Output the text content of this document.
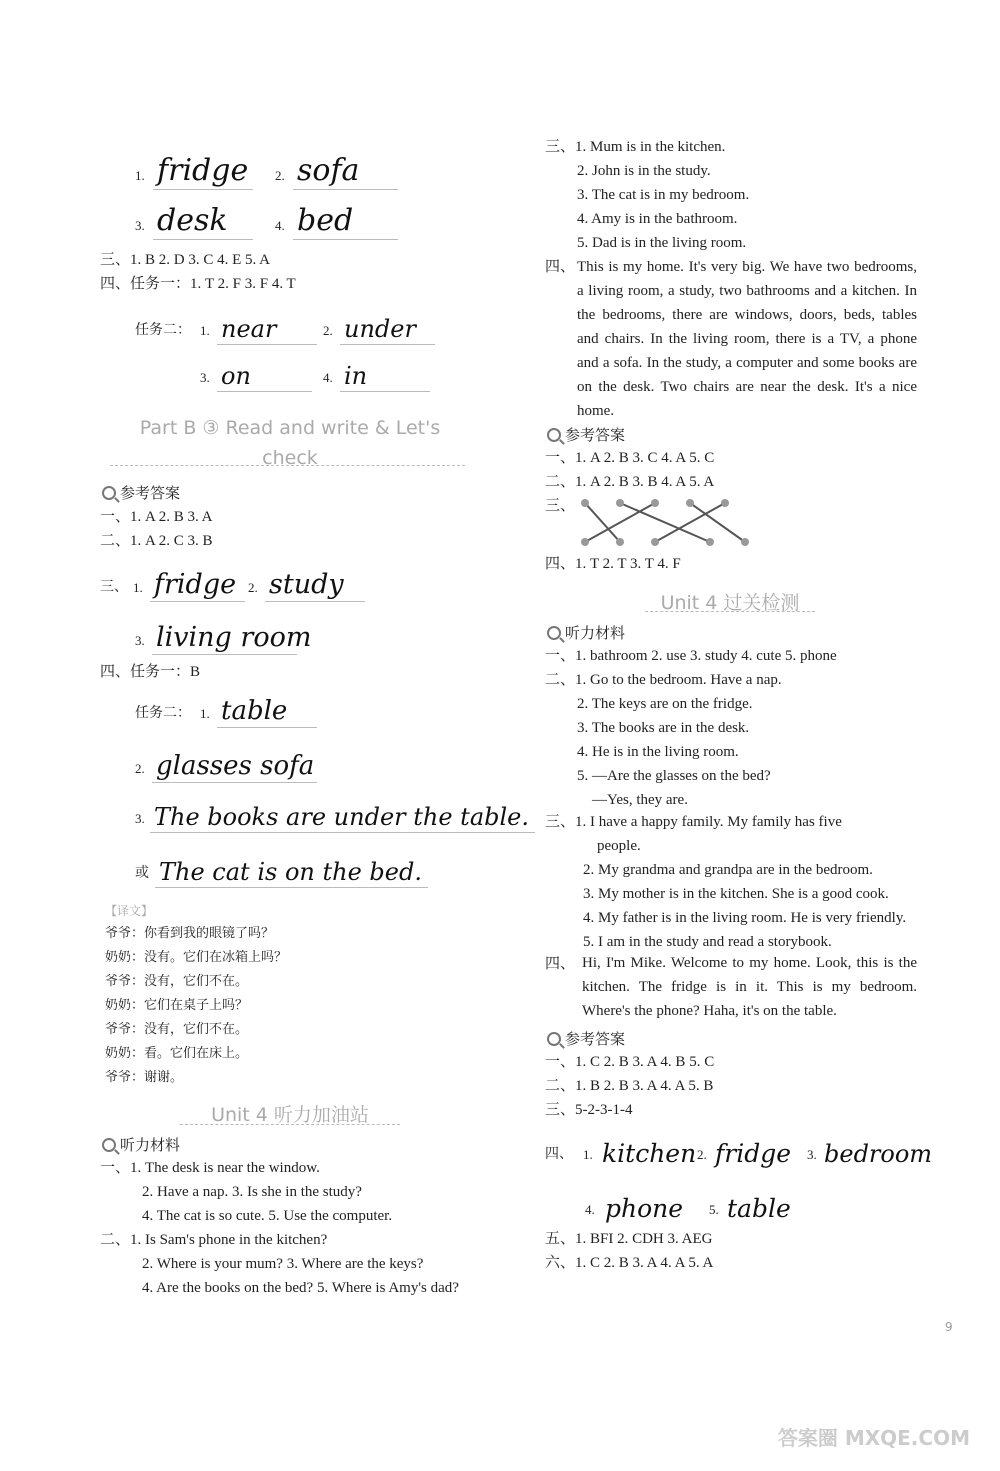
1. fridge	2. sofa
3. desk	4. bed
三、1. B 2. D 3. C 4. E 5. A
四、任务一：1. T 2. F 3. F 4. T
任务二： 1. near	2. under
3. on	4. in
Part B ③ Read and write & Let's
check
参考答案
一、1. A 2. B 3. A
二、1. A 2. C 3. B
三、 1. fridge 2. study
3. living room
四、任务一：B
任务二： 1. table
2. glasses sofa
3. The books are under the table.
或 The cat is on the bed.
【译文】
爷爷：你看到我的眼镜了吗？
奶奶：没有。它们在冰箱上吗？
爷爷：没有，它们不在。
奶奶：它们在桌子上吗？
爷爷：没有，它们不在。
奶奶：看。它们在床上。
爷爷：谢谢。
Unit 4 听力加油站
听力材料
一、1. The desk is near the window.
2. Have a nap. 3. Is she in the study?
4. The cat is so cute. 5. Use the computer.
二、1. Is Sam's phone in the kitchen?
2. Where is your mum? 3. Where are the keys?
4. Are the books on the bed? 5. Where is Amy's dad?
三、1. Mum is in the kitchen.
2. John is in the study.
3. The cat is in my bedroom.
4. Amy is in the bathroom.
5. Dad is in the living room.
四、 This is my home. It's very big. We have two bedrooms, a living room, a study, two bathrooms and a kitchen. In the bedrooms, there are windows, doors, beds, tables and chairs. In the living room, there is a TV, a phone and a sofa. In the study, a computer and some books are on the desk. Two chairs are near the desk. It's a nice home.
参考答案
一、1. A 2. B 3. C 4. A 5. C
二、1. A 2. B 3. B 4. A 5. A
三、
四、1. T 2. T 3. T 4. F
Unit 4 过关检测
听力材料
一、1. bathroom 2. use 3. study 4. cute 5. phone
二、1. Go to the bedroom. Have a nap.
2. The keys are on the fridge.
3. The books are in the desk.
4. He is in the living room.
5. —Are the glasses on the bed?
—Yes, they are.
三、1. I have a happy family. My family has five
people.
2. My grandma and grandpa are in the bedroom.
3. My mother is in the kitchen. She is a good cook.
4. My father is in the living room. He is very friendly.
5. I am in the study and read a storybook.
四、 Hi, I'm Mike. Welcome to my home. Look, this is the kitchen. The fridge is in it. This is my bedroom. Where's the phone? Haha, it's on the table.
参考答案
一、1. C 2. B 3. A 4. B 5. C
二、1. B 2. B 3. A 4. A 5. B
三、5-2-3-1-4
四、 1. kitchen 2. fridge	3. bedroom
4. phone	5. table
五、1. BFI 2. CDH 3. AEG
六、1. C 2. B 3. A 4. A 5. A
9
答案圈 MXQE.COM
